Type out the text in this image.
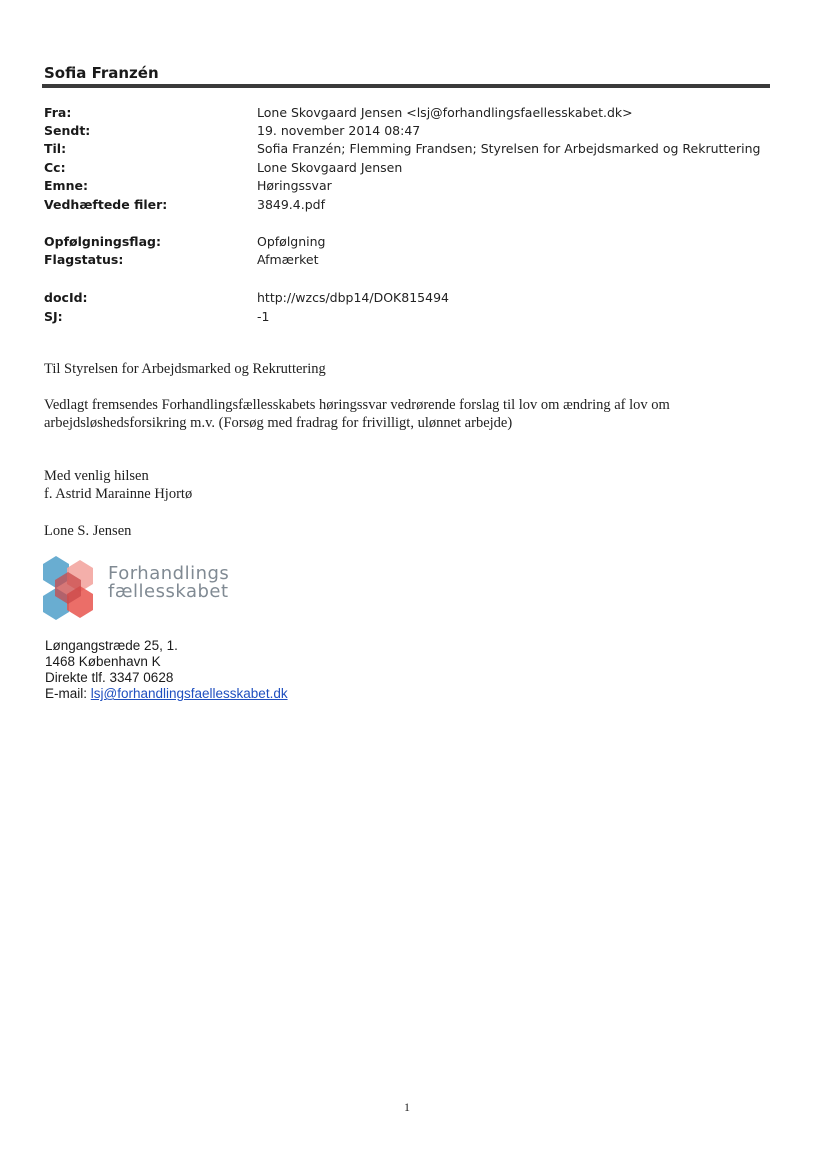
Sofia Franzén
Fra:	Lone Skovgaard Jensen <lsj@forhandlingsfaellesskabet.dk>
Sendt:	19. november 2014 08:47
Til:	Sofia Franzén; Flemming Frandsen; Styrelsen for Arbejdsmarked og Rekruttering
Cc:	Lone Skovgaard Jensen
Emne:	Høringssvar
Vedhæftede filer:	3849.4.pdf
Opfølgningsflag:	Opfølgning
Flagstatus:	Afmærket
docId:	http://wzcs/dbp14/DOK815494
SJ:	-1
Til Styrelsen for Arbejdsmarked og Rekruttering
Vedlagt fremsendes Forhandlingsfællesskabets høringssvar vedrørende forslag til lov om ændring af lov om
arbejdsløshedsforsikring m.v. (Forsøg med fradrag for frivilligt, ulønnet arbejde)
Med venlig hilsen
f. Astrid Marainne Hjortø
Lone S. Jensen
Forhandlings
fællesskabet
Løngangstræde 25, 1.
1468 København K
Direkte tlf. 3347 0628
E-mail: lsj@forhandlingsfaellesskabet.dk
1
